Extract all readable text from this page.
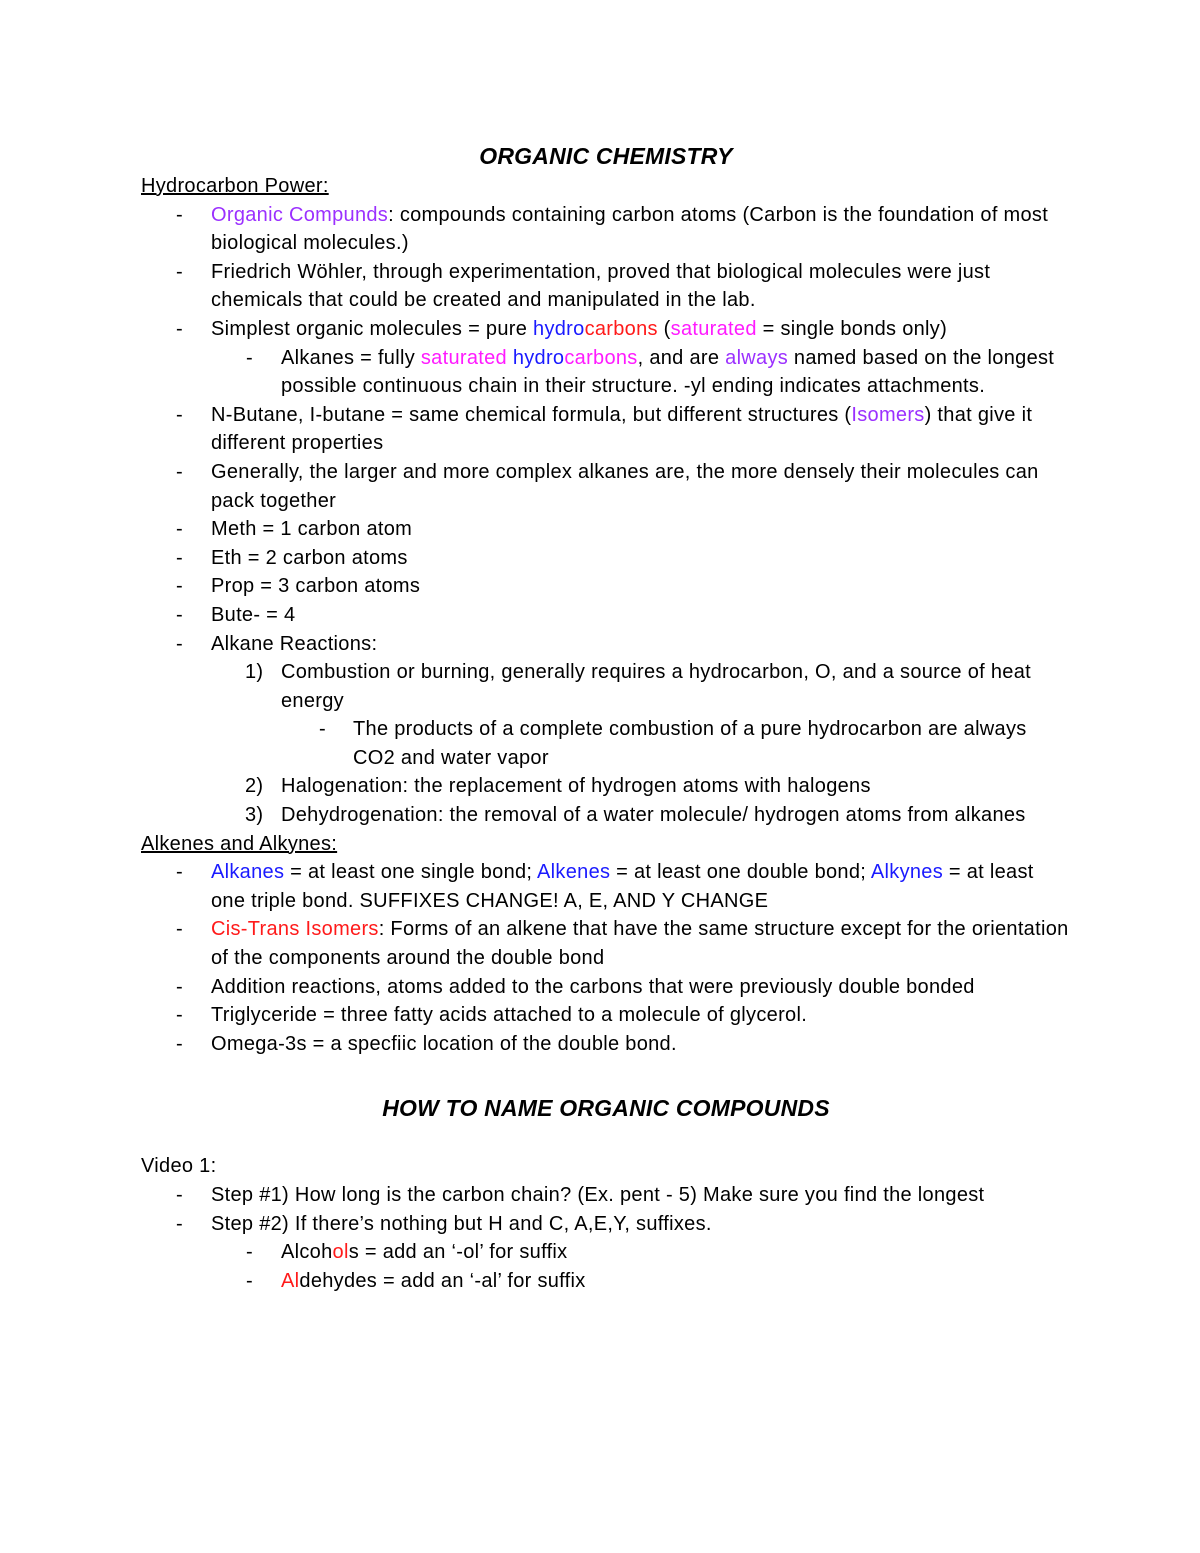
ORGANIC CHEMISTRY
Hydrocarbon Power:
- Organic Compunds: compounds containing carbon atoms (Carbon is the foundation of most biological molecules.)
- Friedrich Wöhler, through experimentation, proved that biological molecules were just chemicals that could be created and manipulated in the lab.
- Simplest organic molecules = pure hydrocarbons (saturated = single bonds only)
- Alkanes = fully saturated hydrocarbons, and are always named based on the longest possible continuous chain in their structure. -yl ending indicates attachments.
- N-Butane, I-butane = same chemical formula, but different structures (Isomers) that give it different properties
- Generally, the larger and more complex alkanes are, the more densely their molecules can pack together
- Meth = 1 carbon atom
- Eth = 2 carbon atoms
- Prop = 3 carbon atoms
- Bute- = 4
- Alkane Reactions:
1) Combustion or burning, generally requires a hydrocarbon, O, and a source of heat energy
- The products of a complete combustion of a pure hydrocarbon are always CO2 and water vapor
2) Halogenation: the replacement of hydrogen atoms with halogens
3) Dehydrogenation: the removal of a water molecule/ hydrogen atoms from alkanes
Alkenes and Alkynes:
- Alkanes = at least one single bond; Alkenes = at least one double bond; Alkynes = at least one triple bond. SUFFIXES CHANGE! A, E, AND Y CHANGE
- Cis-Trans Isomers: Forms of an alkene that have the same structure except for the orientation of the components around the double bond
- Addition reactions, atoms added to the carbons that were previously double bonded
- Triglyceride = three fatty acids attached to a molecule of glycerol.
- Omega-3s = a specfiic location of the double bond.
HOW TO NAME ORGANIC COMPOUNDS
Video 1:
- Step #1) How long is the carbon chain? (Ex. pent - 5) Make sure you find the longest
- Step #2) If there’s nothing but H and C, A,E,Y, suffixes.
- Alcohols = add an ‘-ol’ for suffix
- Aldehydes = add an ‘-al’ for suffix
